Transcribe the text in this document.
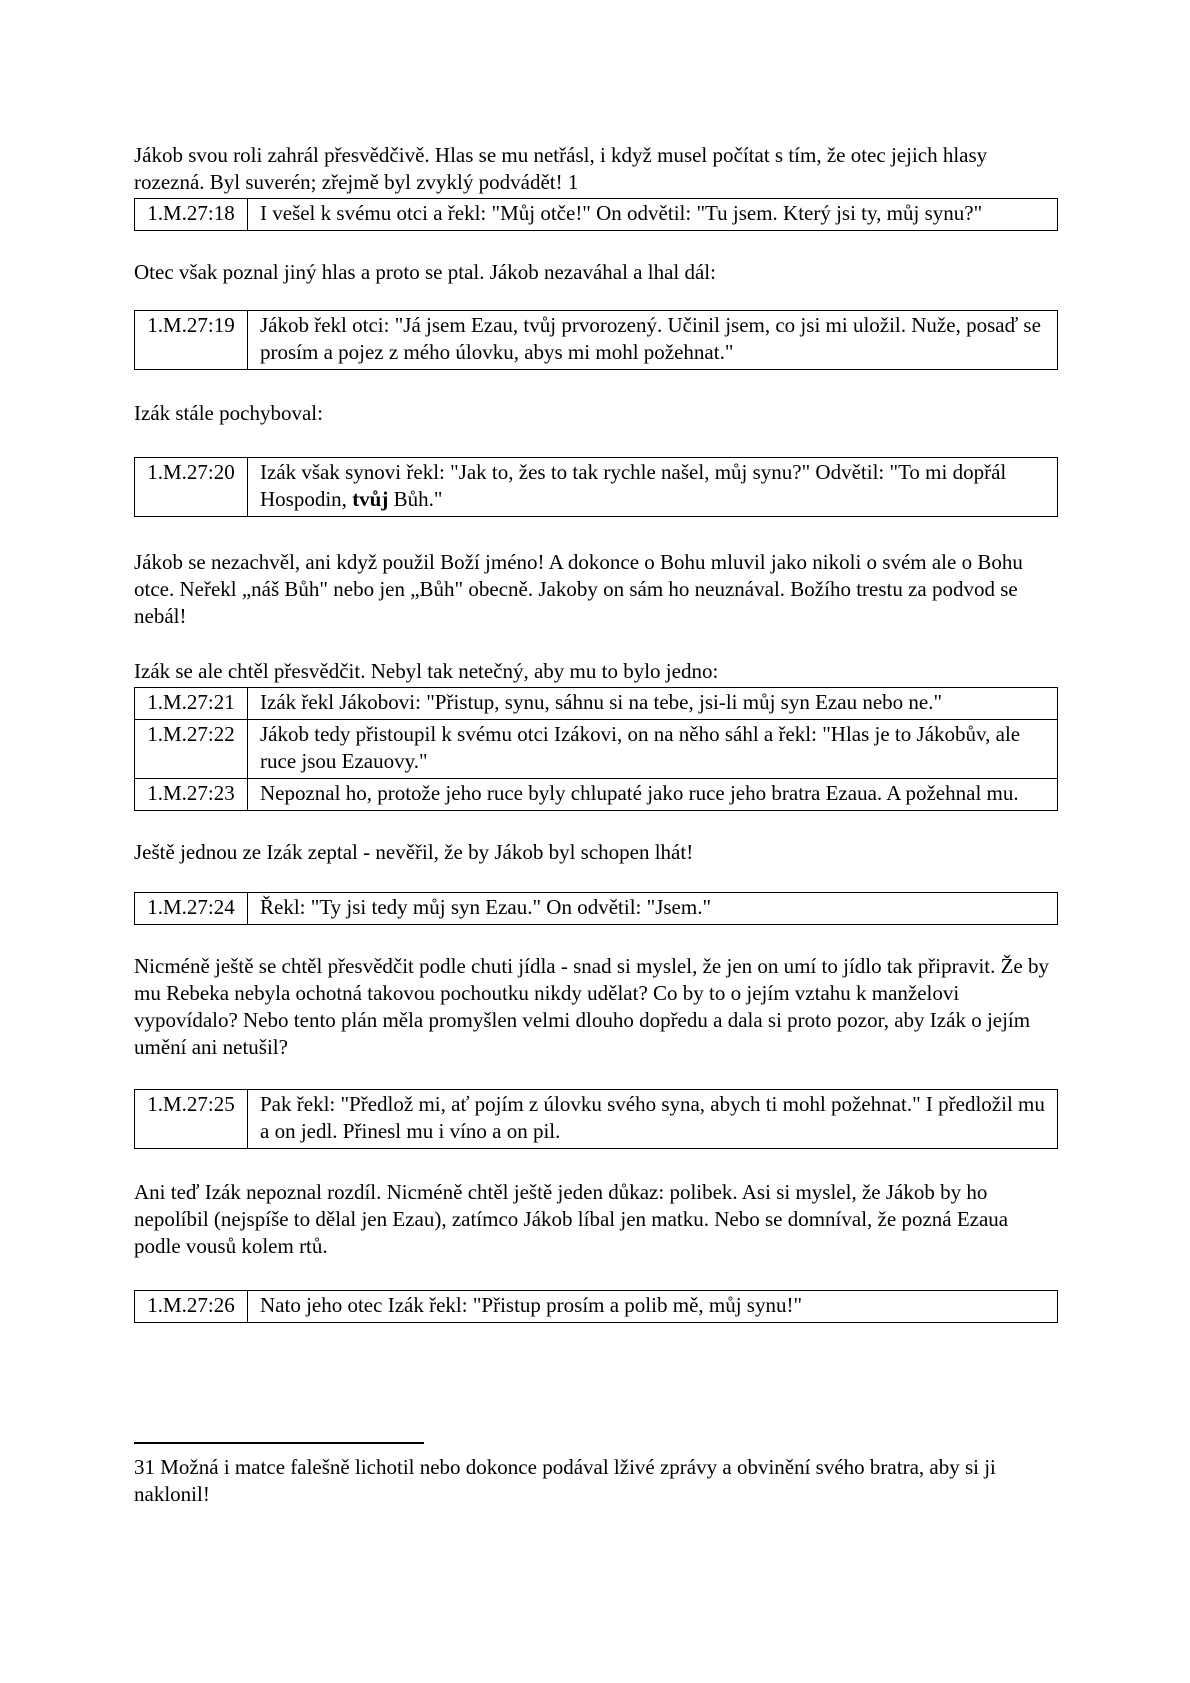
Jákob svou roli zahrál přesvědčivě. Hlas se mu netřásl, i když musel počítat s tím, že otec jejich hlasy rozezná. Byl suverén; zřejmě byl zvyklý podvádět! 1

1.M.27:18	I vešel k svému otci a řekl: "Můj otče!" On odvětil: "Tu jsem. Který jsi ty, můj synu?"

Otec však poznal jiný hlas a proto se ptal. Jákob nezaváhal a lhal dál:

1.M.27:19	Jákob řekl otci: "Já jsem Ezau, tvůj prvorozený. Učinil jsem, co jsi mi uložil. Nuže, posaď se prosím a pojez z mého úlovku, abys mi mohl požehnat."

Izák stále pochyboval:

1.M.27:20	Izák však synovi řekl: "Jak to, žes to tak rychle našel, můj synu?" Odvětil: "To mi dopřál Hospodin, tvůj Bůh."

Jákob se nezachvěl, ani když použil Boží jméno! A dokonce o Bohu mluvil jako nikoli o svém ale o Bohu otce. Neřekl „náš Bůh" nebo jen „Bůh" obecně. Jakoby on sám ho neuznával. Božího trestu za podvod se nebál!

Izák se ale chtěl přesvědčit. Nebyl tak netečný, aby mu to bylo jedno:

1.M.27:21	Izák řekl Jákobovi: "Přistup, synu, sáhnu si na tebe, jsi-li můj syn Ezau nebo ne."
1.M.27:22	Jákob tedy přistoupil k svému otci Izákovi, on na něho sáhl a řekl: "Hlas je to Jákobův, ale ruce jsou Ezauovy."
1.M.27:23	Nepoznal ho, protože jeho ruce byly chlupaté jako ruce jeho bratra Ezaua. A požehnal mu.

Ještě jednou ze Izák zeptal - nevěřil, že by Jákob byl schopen lhát!

1.M.27:24	Řekl: "Ty jsi tedy můj syn Ezau." On odvětil: "Jsem."

Nicméně ještě se chtěl přesvědčit podle chuti jídla - snad si myslel, že jen on umí to jídlo tak připravit. Že by mu Rebeka nebyla ochotná takovou pochoutku nikdy udělat? Co by to o jejím vztahu k manželovi vypovídalo? Nebo tento plán měla promyšlen velmi dlouho dopředu a dala si proto pozor, aby Izák o jejím umění ani netušil?

1.M.27:25	Pak řekl: "Předlož mi, ať pojím z úlovku svého syna, abych ti mohl požehnat." I předložil mu a on jedl. Přinesl mu i víno a on pil.

Ani teď Izák nepoznal rozdíl. Nicméně chtěl ještě jeden důkaz: polibek. Asi si myslel, že Jákob by ho nepolíbil (nejspíše to dělal jen Ezau), zatímco Jákob líbal jen matku. Nebo se domníval, že pozná Ezaua podle vousů kolem rtů.

1.M.27:26	Nato jeho otec Izák řekl: "Přistup prosím a polib mě, můj synu!"

31 Možná i matce falešně lichotil nebo dokonce podával lživé zprávy a obvinění svého bratra, aby si ji naklonil!
